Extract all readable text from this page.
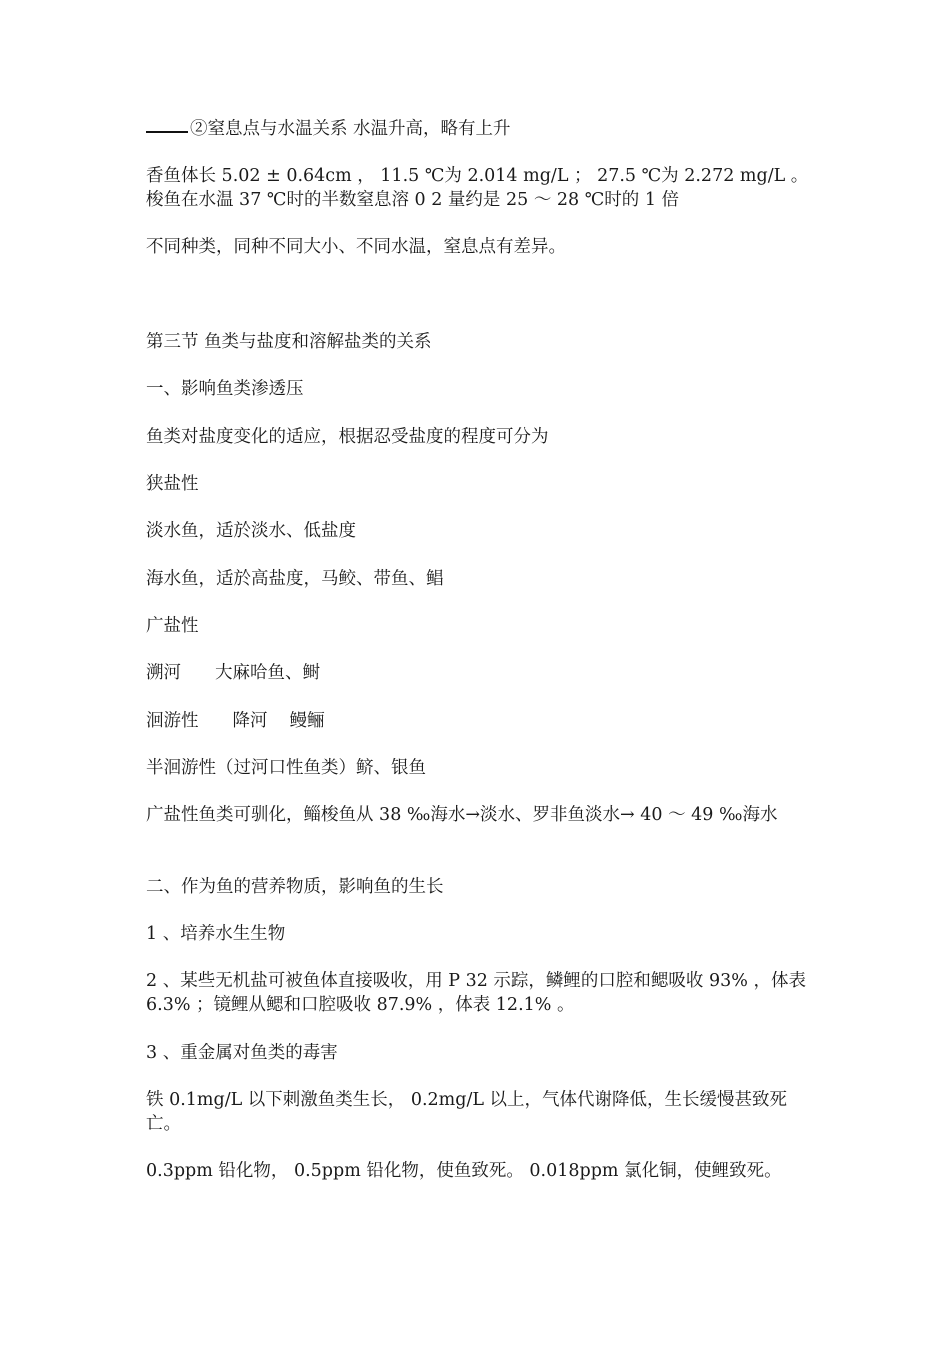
②窒息点与水温关系 水温升高，略有上升

香鱼体长 5.02 ± 0.64cm ， 11.5 ℃为 2.014 mg/L ； 27.5 ℃为 2.272 mg/L 。 梭鱼在水温 37 ℃时的半数窒息溶 0 2 量约是 25 ～ 28 ℃时的 1 倍

不同种类，同种不同大小、不同水温，窒息点有差异。

第三节 鱼类与盐度和溶解盐类的关系

一、影响鱼类渗透压

鱼类对盐度变化的适应，根据忍受盐度的程度可分为

狭盐性

淡水鱼，适於淡水、低盐度

海水鱼，适於高盐度，马鲛、带鱼、鲳

广盐性

溯河 大麻哈鱼、鲥

洄游性 降河 鳗鲡

半洄游性（过河口性鱼类）鲚、银鱼

广盐性鱼类可驯化，鲻梭鱼从 38 ‰海水→淡水、罗非鱼淡水→ 40 ～ 49 ‰海水

二、作为鱼的营养物质，影响鱼的生长

1 、培养水生生物

2 、某些无机盐可被鱼体直接吸收，用 P 32 示踪，鳞鲤的口腔和鳃吸收 93% ，体表 6.3% ；镜鲤从鳃和口腔吸收 87.9% ，体表 12.1% 。

3 、重金属对鱼类的毒害

铁 0.1mg/L 以下刺激鱼类生长， 0.2mg/L 以上，气体代谢降低，生长缓慢甚致死亡。

0.3ppm 铅化物， 0.5ppm 铅化物，使鱼致死。 0.018ppm 氯化铜，使鲤致死。
